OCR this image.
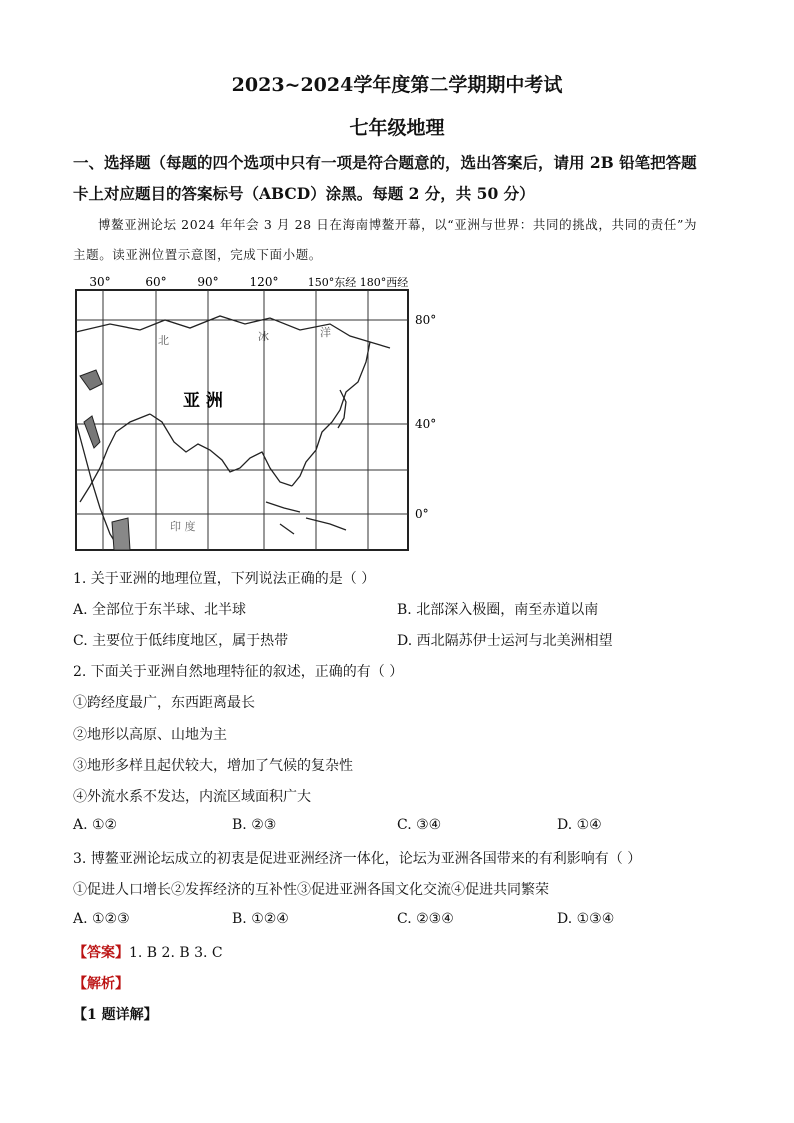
2023~2024学年度第二学期期中考试
七年级地理
一、选择题（每题的四个选项中只有一项是符合题意的，选出答案后，请用 2B 铅笔把答题
卡上对应题目的答案标号（ABCD）涂黑。每题 2 分，共 50 分）
博鳌亚洲论坛 2024 年年会 3 月 28 日在海南博鳌开幕，以“亚洲与世界：共同的挑战，共同的责任”为
主题。读亚洲位置示意图，完成下面小题。
30°	60°	90°	120°	150°东经 180°西经
80°
40°
0°
北	冰	洋
亚 洲
印 度
1. 关于亚洲的地理位置，下列说法正确的是（ ）
A. 全部位于东半球、北半球	B. 北部深入极圈，南至赤道以南
C. 主要位于低纬度地区，属于热带	D. 西北隔苏伊士运河与北美洲相望
2. 下面关于亚洲自然地理特征的叙述，正确的有（ ）
①跨经度最广，东西距离最长
②地形以高原、山地为主
③地形多样且起伏较大，增加了气候的复杂性
④外流水系不发达，内流区域面积广大
A. ①②	B. ②③	C. ③④	D. ①④
3. 博鳌亚洲论坛成立的初衷是促进亚洲经济一体化，论坛为亚洲各国带来的有利影响有（ ）
①促进人口增长②发挥经济的互补性③促进亚洲各国文化交流④促进共同繁荣
A. ①②③	B. ①②④	C. ②③④	D. ①③④
【答案】1. B 2. B 3. C
【解析】
【1 题详解】
